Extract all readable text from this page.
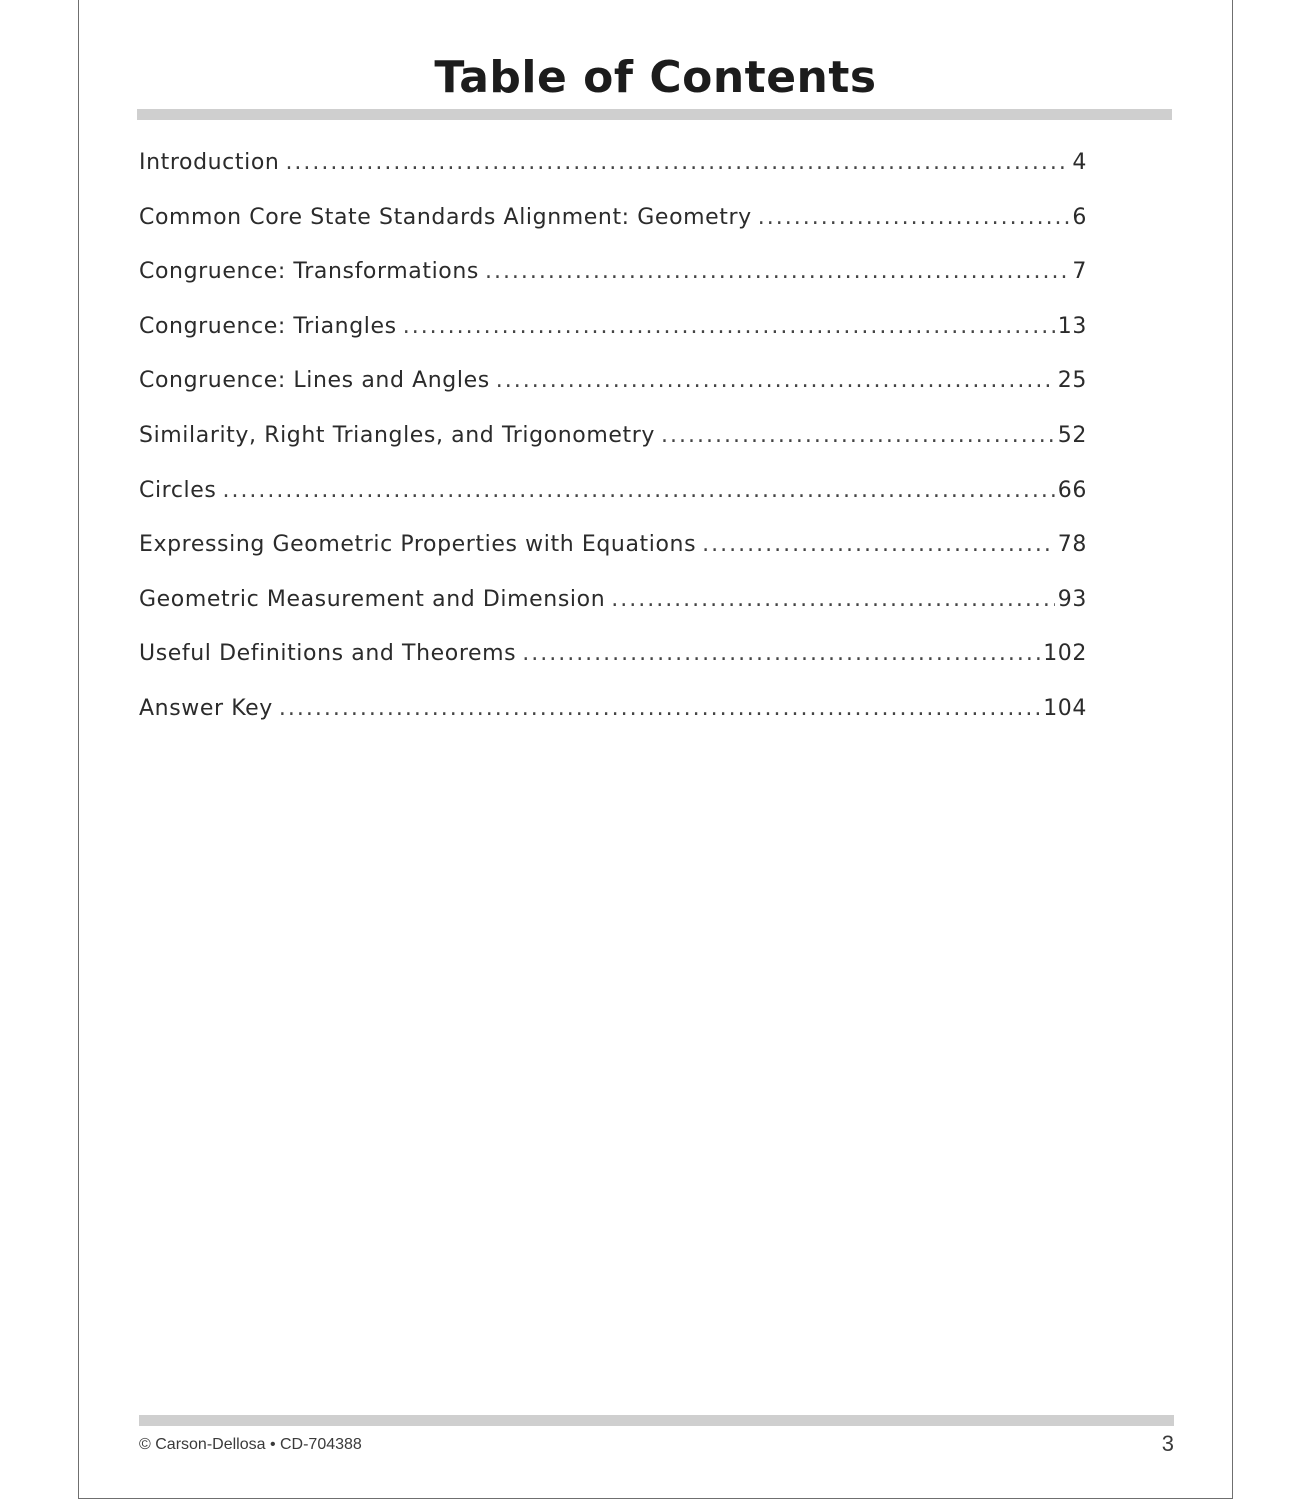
Table of Contents
Introduction .....	4
Common Core State Standards Alignment: Geometry .....	6
Congruence: Transformations .....	7
Congruence: Triangles .....	13
Congruence: Lines and Angles .....	25
Similarity, Right Triangles, and Trigonometry .....	52
Circles .....	66
Expressing Geometric Properties with Equations .....	78
Geometric Measurement and Dimension .....	93
Useful Definitions and Theorems .....	102
Answer Key .....	104
© Carson-Dellosa • CD-704388	3
